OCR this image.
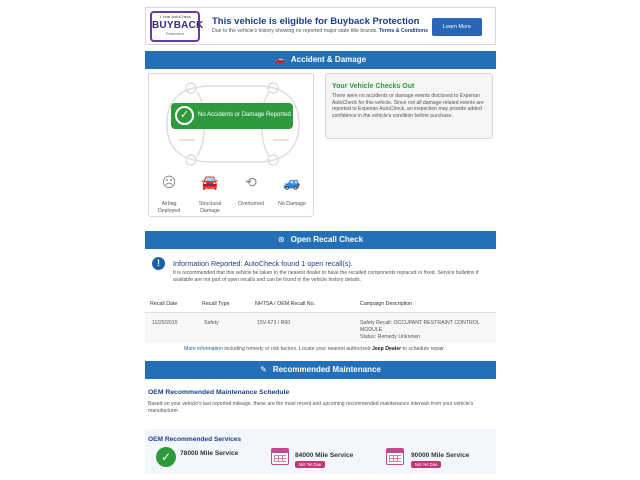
1 Year AutoCheck
BUYBACK
Protection
This vehicle is eligible for Buyback Protection
Due to the vehicle's history showing no reported major state title brands. Terms & Conditions
Learn More
🚗 Accident & Damage
✓	No Accidents or Damage Reported
☹ 🚘 ⟲ 🚙
Airbag Deployed
Structural Damage
Overturned	No Damage
Your Vehicle Checks Out
There were no accidents or damage events disclosed to Experian AutoCheck for this vehicle. Since not all damage-related events are reported to Experian AutoCheck, an inspection may provide added confidence in the vehicle's condition before purchase.
⊛ Open Recall Check
!	Information Reported: AutoCheck found 1 open recall(s).
It is recommended that this vehicle be taken to the nearest dealer to have the recalled components replaced or fixed. Service bulletins if available are not part of open recalls and can be found in the vehicle history details.
Recall Date	Recall Type	NHTSA / OEM Recall No.	Campaign Description
11/25/2015	Safety	15V-673 / R60	Safety Recall: OCCUPANT RESTRAINT CONTROL
MODULE
Status: Remedy Unknown
More information including remedy or risk factors. Locate your nearest authorized Jeep Dealer to schedule repair.
✎ Recommended Maintenance
OEM Recommended Maintenance Schedule
Based on your vehicle's last reported mileage, these are the most recent and upcoming recommended maintenance intervals from your vehicle's manufacturer.
OEM Recommended Services
✓	78000 Mile Service	84000 Mile Service
Not Yet Due
90000 Mile Service
Not Yet Due
